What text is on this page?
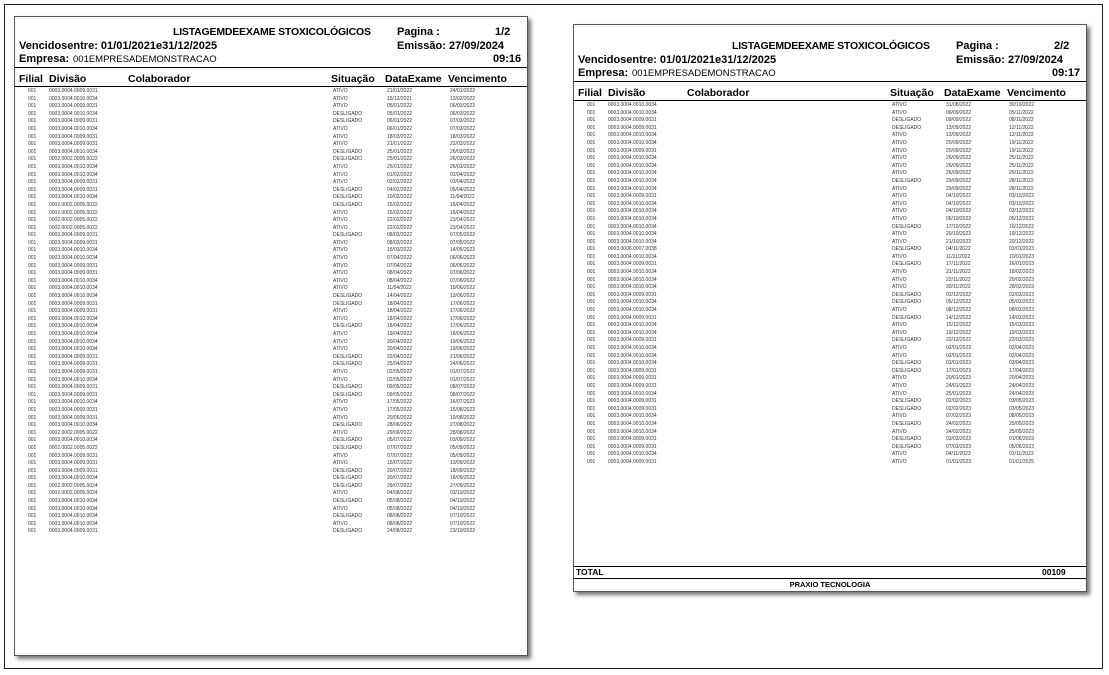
LISTAGEMDEEXAME STOXICOLÓGICOS Pagina :	1/2
Vencidosentre: 01/01/2021e31/12/2025	Emissão: 27/09/2024
Empresa: 001EMPRESADEMONSTRACAO	09:16
Filial Divisão	Colaborador	Situação DataExame Vencimento
001	0003.0004.0009.0031	ATIVO	21/01/2022	24/01/2022
001	0003.0004.0010.0034	ATIVO	15/12/2021	13/02/2022
001	0003.0004.0009.0031	ATIVO	05/01/2022	06/03/2022
001	0003.0004.0010.0034	DESLIGADO	05/01/2022	06/03/2022
001	0003.0004.0009.0031	DESLIGADO	06/01/2022	07/03/2022
001	0003.0004.0010.0034	ATIVO	06/01/2022	07/03/2022
001	0003.0004.0009.0031	ATIVO	18/03/2022	18/03/2022
001	0003.0004.0009.0031	ATIVO	21/01/2022	22/03/2022
001	0003.0004.0010.0034	DESLIGADO	25/01/2022	26/03/2022
001	0002.0002.0005.0022	DESLIGADO	25/01/2022	26/03/2022
001	0003.0004.0010.0034	ATIVO	25/01/2022	26/03/2022
001	0003.0004.0010.0034	ATIVO	01/02/2022	02/04/2022
001	0003.0004.0009.0031	ATIVO	02/02/2022	03/04/2022
001	0003.0004.0009.0031	DESLIGADO	04/02/2022	05/04/2022
001	0003.0004.0010.0034	DESLIGADO	10/02/2022	11/04/2022
001	0002.0002.0005.0022	DESLIGADO	15/02/2022	16/04/2022
001	0002.0002.0005.0022	ATIVO	15/02/2022	16/04/2022
001	0002.0002.0005.0022	ATIVO	22/02/2022	23/04/2022
001	0002.0002.0005.0022	ATIVO	22/02/2022	23/04/2022
001	0003.0004.0009.0031	DESLIGADO	08/03/2022	07/05/2022
001	0003.0004.0009.0031	ATIVO	08/03/2022	07/05/2022
001	0003.0004.0010.0034	ATIVO	15/03/2022	14/05/2022
001	0003.0004.0010.0034	ATIVO	07/04/2022	06/06/2022
001	0003.0004.0009.0031	ATIVO	07/04/2022	06/06/2022
001	0003.0004.0009.0031	ATIVO	08/04/2022	07/06/2022
001	0003.0004.0010.0034	ATIVO	08/04/2022	07/06/2022
001	0003.0004.0010.0034	ATIVO	11/04/2022	10/06/2022
001	0003.0004.0010.0034	DESLIGADO	14/04/2022	13/06/2022
001	0003.0004.0009.0031	DESLIGADO	18/04/2022	17/06/2022
001	0003.0004.0009.0031	ATIVO	18/04/2022	17/06/2022
001	0003.0004.0010.0034	ATIVO	18/04/2022	17/06/2022
001	0003.0004.0010.0034	DESLIGADO	18/04/2022	17/06/2022
001	0003.0004.0010.0034	ATIVO	19/04/2022	18/06/2022
001	0003.0004.0010.0034	ATIVO	20/04/2022	19/06/2022
001	0003.0004.0010.0034	ATIVO	20/04/2022	19/06/2022
001	0003.0004.0009.0031	DESLIGADO	22/04/2022	21/06/2022
001	0003.0004.0009.0031	DESLIGADO	25/04/2022	24/06/2022
001	0003.0004.0009.0031	ATIVO	02/05/2022	01/07/2022
001	0003.0004.0010.0034	ATIVO	02/05/2022	01/07/2022
001	0003.0004.0009.0031	DESLIGADO	09/05/2022	08/07/2022
001	0003.0004.0009.0031	DESLIGADO	09/05/2022	08/07/2022
001	0003.0004.0010.0034	ATIVO	17/05/2022	16/07/2022
001	0003.0004.0009.0031	ATIVO	17/05/2022	15/08/2022
001	0003.0004.0009.0031	ATIVO	20/06/2022	19/08/2022
001	0003.0004.0010.0034	DESLIGADO	28/06/2022	27/08/2022
001	0002.0002.0005.0022	ATIVO	29/06/2022	28/08/2022
001	0003.0004.0010.0034	DESLIGADO	05/07/2022	03/09/2022
001	0002.0002.0005.0022	DESLIGADO	07/07/2022	05/09/2022
001	0003.0004.0009.0031	ATIVO	07/07/2022	05/09/2022
001	0003.0004.0009.0031	ATIVO	15/07/2022	13/09/2022
001	0003.0004.0009.0031	DESLIGADO	20/07/2022	18/09/2022
001	0003.0004.0010.0034	DESLIGADO	20/07/2022	18/09/2022
001	0002.0002.0005.0024	DESLIGADO	29/07/2022	27/09/2022
001	0002.0002.0005.0024	ATIVO	04/08/2022	03/10/2022
001	0003.0004.0010.0034	DESLIGADO	05/08/2022	04/10/2022
001	0003.0004.0010.0034	ATIVO	05/08/2022	04/10/2022
001	0003.0004.0010.0034	DESLIGADO	08/08/2022	07/10/2022
001	0003.0004.0010.0034	ATIVO	08/08/2022	07/10/2022
001	0003.0004.0009.0031	DESLIGADO	24/08/2022	23/10/2022
LISTAGEMDEEXAME STOXICOLÓGICOS Pagina :	2/2
Vencidosentre: 01/01/2021e31/12/2025	Emissão: 27/09/2024
Empresa: 001EMPRESADEMONSTRACAO	09:17
Filial Divisão	Colaborador	Situação DataExame Vencimento
001	0003.0004.0010.0034	ATIVO	31/08/2022	30/10/2022
001	0003.0004.0010.0034	ATIVO	06/09/2022	05/11/2022
001	0003.0004.0009.0031	DESLIGADO	09/09/2022	08/11/2022
001	0003.0004.0009.0031	DESLIGADO	13/09/2022	12/11/2022
001	0003.0004.0010.0034	ATIVO	13/09/2022	12/11/2022
001	0003.0004.0010.0034	ATIVO	20/09/2022	19/11/2022
001	0003.0004.0009.0031	ATIVO	20/09/2022	19/11/2022
001	0003.0004.0010.0034	ATIVO	26/09/2022	25/11/2022
001	0003.0004.0010.0034	ATIVO	26/09/2022	25/11/2022
001	0003.0004.0010.0034	ATIVO	26/09/2022	25/11/2022
001	0003.0004.0010.0034	DESLIGADO	29/09/2022	28/11/2022
001	0003.0004.0010.0034	ATIVO	29/09/2022	28/11/2022
001	0003.0004.0009.0031	ATIVO	04/10/2022	03/12/2022
001	0003.0004.0010.0034	ATIVO	04/10/2022	03/12/2022
001	0003.0004.0010.0034	ATIVO	04/10/2022	03/12/2022
001	0003.0004.0010.0034	ATIVO	06/10/2022	05/12/2022
001	0003.0004.0010.0034	DESLIGADO	17/10/2022	16/12/2022
001	0003.0004.0010.0034	ATIVO	20/10/2022	19/12/2022
001	0003.0004.0010.0034	ATIVO	21/10/2022	20/12/2022
001	0003.0006.0007.0038	DESLIGADO	04/11/2022	03/01/2023
001	0003.0004.0010.0034	ATIVO	11/11/2022	10/01/2023
001	0003.0004.0009.0031	DESLIGADO	17/11/2022	16/01/2023
001	0003.0004.0010.0034	ATIVO	21/11/2022	19/02/2023
001	0003.0004.0010.0034	ATIVO	22/11/2022	20/02/2023
001	0003.0004.0010.0034	ATIVO	30/11/2022	28/02/2023
001	0003.0004.0009.0031	DESLIGADO	02/12/2022	02/03/2023
001	0003.0004.0010.0034	DESLIGADO	05/12/2022	05/03/2023
001	0003.0004.0010.0034	ATIVO	08/12/2022	08/03/2023
001	0003.0004.0009.0031	DESLIGADO	14/12/2022	14/03/2023
001	0003.0004.0010.0034	ATIVO	15/12/2022	15/03/2023
001	0003.0004.0010.0034	ATIVO	19/12/2022	19/03/2023
001	0003.0004.0009.0031	DESLIGADO	22/12/2022	22/03/2023
001	0003.0004.0010.0034	ATIVO	02/01/2023	02/04/2023
001	0003.0004.0010.0034	ATIVO	02/01/2023	02/04/2023
001	0003.0004.0010.0034	DESLIGADO	03/01/2023	03/04/2023
001	0003.0004.0009.0031	DESLIGADO	17/01/2023	17/04/2023
001	0003.0004.0009.0031	ATIVO	20/01/2023	20/04/2023
001	0003.0004.0009.0031	ATIVO	24/01/2023	24/04/2023
001	0003.0004.0010.0034	ATIVO	25/01/2023	24/04/2023
001	0003.0004.0009.0031	DESLIGADO	02/02/2023	03/05/2023
001	0003.0004.0009.0031	DESLIGADO	02/02/2023	03/05/2023
001	0003.0004.0010.0034	ATIVO	07/02/2023	08/05/2023
001	0003.0004.0010.0034	DESLIGADO	24/02/2023	25/05/2023
001	0003.0004.0010.0034	ATIVO	24/02/2023	25/05/2023
001	0003.0004.0009.0031	DESLIGADO	03/03/2023	01/06/2023
001	0003.0004.0009.0031	DESLIGADO	07/03/2023	05/06/2023
001	0003.0004.0010.0034	ATIVO	04/11/2023	03/11/2023
001	0003.0004.0009.0031	ATIVO	01/01/2023	01/01/2025
TOTAL	00109
PRAXIO TECNOLOGIA
